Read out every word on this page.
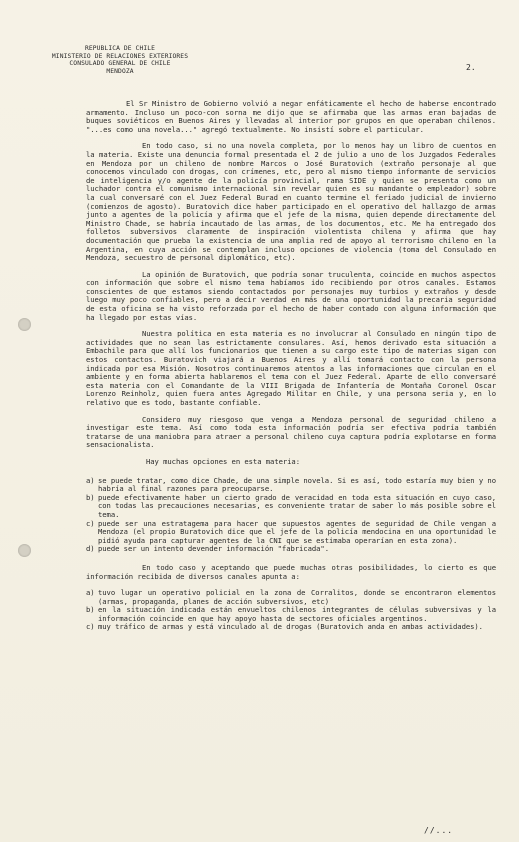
REPUBLICA DE CHILE
MINISTERIO DE RELACIONES EXTERIORES
CONSULADO GENERAL DE CHILE
MENDOZA	2.

El Sr Ministro de Gobierno volvió a negar enfáticamente el hecho de haberse encontrado armamento. Incluso un poco-con sorna me dijo que se afirmaba que las armas eran bajadas de buques soviéticos en Buenos Aires y llevadas al interior por grupos en que operaban chilenos. "...es como una novela..." agregó textualmente. No insistí sobre el particular.

En todo caso, si no una novela completa, por lo menos hay un libro de cuentos en la materia. Existe una denuncia formal presentada el 2 de julio a uno de los Juzgados Federales en Mendoza por un chileno de nombre Marcos o José Buratovich (extraño personaje al que conocemos vinculado con drogas, con crímenes, etc, pero al mismo tiempo informante de servicios de inteligencia y/o agente de la policía provincial, rama SIDE y quien se presenta como un luchador contra el comunismo internacional sin revelar quien es su mandante o empleador) sobre la cual conversaré con el Juez Federal Burad en cuanto termine el feriado judicial de invierno (comienzos de agosto). Buratovich dice haber participado en el operativo del hallazgo de armas junto a agentes de la policía y afirma que el jefe de la misma, quien depende directamente del Ministro Chade, se habría incautado de las armas, de los documentos, etc. Me ha entregado dos folletos subversivos claramente de inspiración violentista chilena y afirma que hay documentación que prueba la existencia de una amplia red de apoyo al terrorismo chileno en la Argentina, en cuya acción se contemplan incluso opciones de violencia (toma del Consulado en Mendoza, secuestro de personal diplomático, etc).

La opinión de Buratovich, que podría sonar truculenta, coincide en muchos aspectos con información que sobre el mismo tema habíamos ido recibiendo por otros canales. Estamos conscientes de que estamos siendo contactados por personajes muy turbios y extraños y desde luego muy poco confiables, pero a decir verdad en más de una oportunidad la precaria seguridad de esta oficina se ha visto reforzada por el hecho de haber contado con alguna información que ha llegado por estas vías.

Nuestra política en esta materia es no involucrar al Consulado en ningún tipo de actividades que no sean las estrictamente consulares. Así, hemos derivado esta situación a Embachile para que allí los funcionarios que tienen a su cargo este tipo de materias sigan con estos contactos. Buratovich viajará a Buenos Aires y allí tomará contacto con la persona indicada por esa Misión. Nosotros continuaremos atentos a las informaciones que circulan en el ambiente y en forma abierta hablaremos el tema con el Juez Federal. Aparte de ello conversaré esta materia con el Comandante de la VIII Brigada de Infantería de Montaña Coronel Oscar Lorenzo Reinholz, quien fuera antes Agregado Militar en Chile, y una persona seria y, en lo relativo que es todo, bastante confiable.

Considero muy riesgoso que venga a Mendoza personal de seguridad chileno a investigar este tema. Así como toda esta información podría ser efectiva podría también tratarse de una maniobra para atraer a personal chileno cuya captura podría explotarse en forma sensacionalista.

Hay muchas opciones en esta materia:
a) se puede tratar, como dice Chade, de una simple novela. Si es así, todo estaría muy bien y no habría al final razones para preocuparse.
b) puede efectivamente haber un cierto grado de veracidad en toda esta situación en cuyo caso, con todas las precauciones necesarias, es conveniente tratar de saber lo más posible sobre el tema.
c) puede ser una estratagema para hacer que supuestos agentes de seguridad de Chile vengan a Mendoza (el propio Buratovich dice que el jefe de la policía mendocina en una oportunidad le pidió ayuda para capturar agentes de la CNI que se estimaba operarían en esta zona).
d) puede ser un intento devender información "fabricada".

En todo caso y aceptando que puede muchas otras posibilidades, lo cierto es que información recibida de diversos canales apunta a:

a) tuvo lugar un operativo policial en la zona de Corralitos, donde se encontraron elementos (armas, propaganda, planes de acción subversivos, etc)
b) en la situación indicada están envueltos chilenos integrantes de células subversivas y la información coincide en que hay apoyo hasta de sectores oficiales argentinos.
c) muy tráfico de armas y está vinculado al de drogas (Buratovich anda en ambas actividades).
//...
